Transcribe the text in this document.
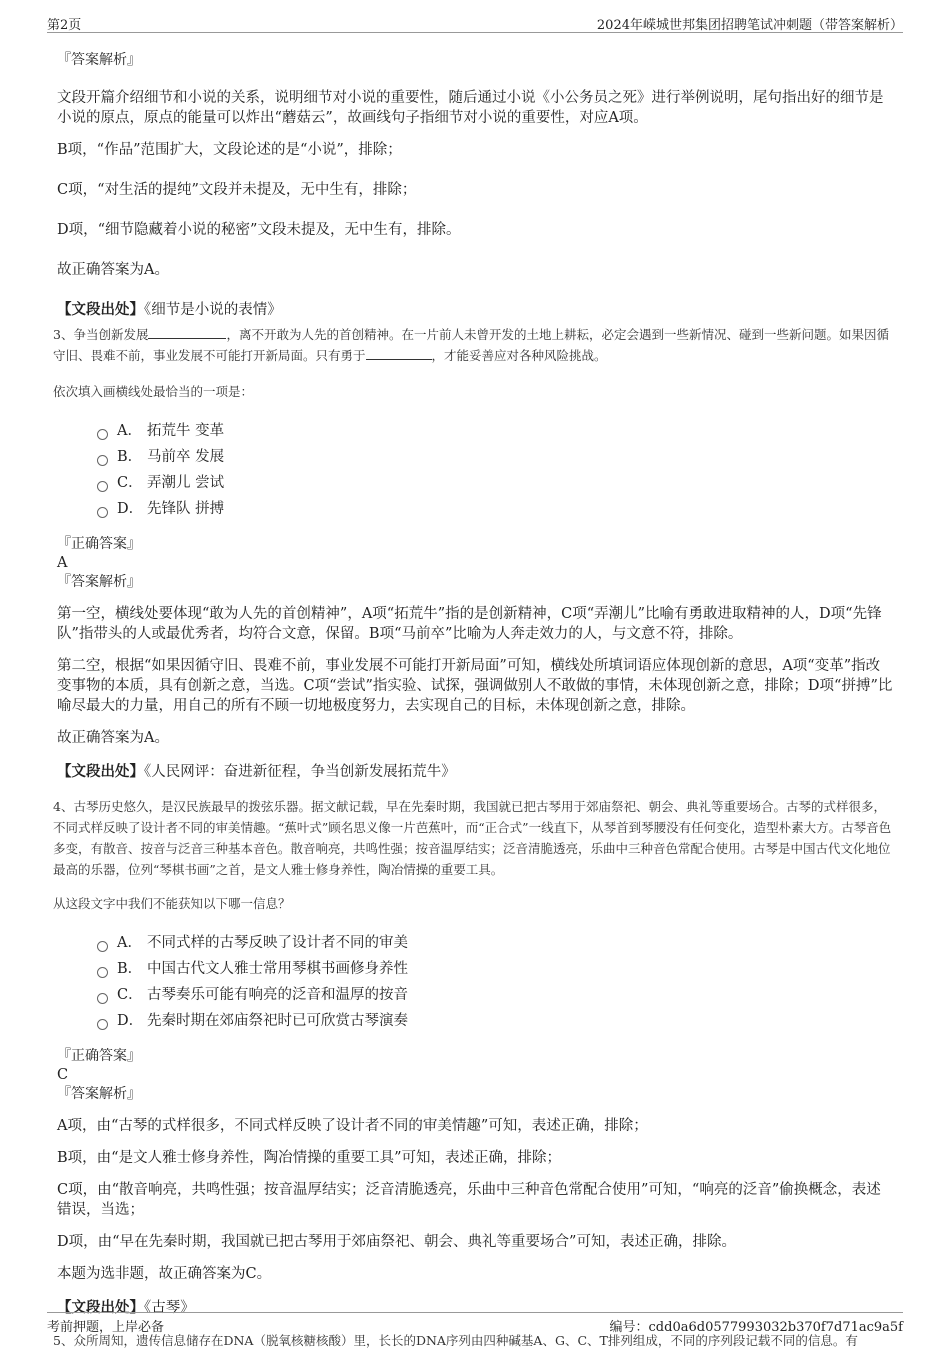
第2页	2024年嵘城世邦集团招聘笔试冲刺题（带答案解析）

『答案解析』

文段开篇介绍细节和小说的关系，说明细节对小说的重要性，随后通过小说《小公务员之死》进行举例说明，尾句指出好的细节是小说的原点，原点的能量可以炸出“蘑菇云”，故画线句子指细节对小说的重要性，对应A项。

B项，“作品”范围扩大，文段论述的是“小说”，排除；

C项，“对生活的提纯”文段并未提及，无中生有，排除；

D项，“细节隐藏着小说的秘密”文段未提及，无中生有，排除。

故正确答案为A。

【文段出处】《细节是小说的表情》

3、争当创新发展	，离不开敢为人先的首创精神。在一片前人未曾开发的土地上耕耘，必定会遇到一些新情况、碰到一些新问题。如果因循守旧、畏难不前，事业发展不可能打开新局面。只有勇于	，才能妥善应对各种风险挑战。

依次填入画横线处最恰当的一项是：

A． 拓荒牛 变革
B． 马前卒 发展
C． 弄潮儿 尝试
D． 先锋队 拼搏

『正确答案』

A

『答案解析』

第一空，横线处要体现“敢为人先的首创精神”，A项“拓荒牛”指的是创新精神，C项“弄潮儿”比喻有勇敢进取精神的人，D项“先锋队”指带头的人或最优秀者，均符合文意，保留。B项“马前卒”比喻为人奔走效力的人，与文意不符，排除。

第二空，根据“如果因循守旧、畏难不前，事业发展不可能打开新局面”可知，横线处所填词语应体现创新的意思，A项“变革”指改变事物的本质，具有创新之意，当选。C项“尝试”指实验、试探，强调做别人不敢做的事情，未体现创新之意，排除；D项“拼搏”比喻尽最大的力量，用自己的所有不顾一切地极度努力，去实现自己的目标，未体现创新之意，排除。

故正确答案为A。

【文段出处】《人民网评：奋进新征程，争当创新发展拓荒牛》

4、古琴历史悠久，是汉民族最早的拨弦乐器。据文献记载，早在先秦时期，我国就已把古琴用于郊庙祭祀、朝会、典礼等重要场合。古琴的式样很多，不同式样反映了设计者不同的审美情趣。“蕉叶式”顾名思义像一片芭蕉叶，而“正合式”一线直下，从琴首到琴腰没有任何变化，造型朴素大方。古琴音色多变，有散音、按音与泛音三种基本音色。散音响亮，共鸣性强；按音温厚结实；泛音清脆透亮，乐曲中三种音色常配合使用。古琴是中国古代文化地位最高的乐器，位列“琴棋书画”之首，是文人雅士修身养性，陶冶情操的重要工具。

从这段文字中我们不能获知以下哪一信息？

A． 不同式样的古琴反映了设计者不同的审美
B． 中国古代文人雅士常用琴棋书画修身养性
C． 古琴奏乐可能有响亮的泛音和温厚的按音
D． 先秦时期在郊庙祭祀时已可欣赏古琴演奏

『正确答案』

C

『答案解析』

A项，由“古琴的式样很多，不同式样反映了设计者不同的审美情趣”可知，表述正确，排除；

B项，由“是文人雅士修身养性，陶冶情操的重要工具”可知，表述正确，排除；

C项，由“散音响亮，共鸣性强；按音温厚结实；泛音清脆透亮，乐曲中三种音色常配合使用”可知，“响亮的泛音”偷换概念，表述错误，当选；

D项，由“早在先秦时期，我国就已把古琴用于郊庙祭祀、朝会、典礼等重要场合”可知，表述正确，排除。

本题为选非题，故正确答案为C。

【文段出处】《古琴》

5、众所周知，遗传信息储存在DNA（脱氧核糖核酸）里，长长的DNA序列由四种碱基A、G、C、T排列组成，不同的序列段记载不同的信息。有

考前押题，上岸必备	编号：cdd0a6d0577993032b370f7d71ac9a5f
